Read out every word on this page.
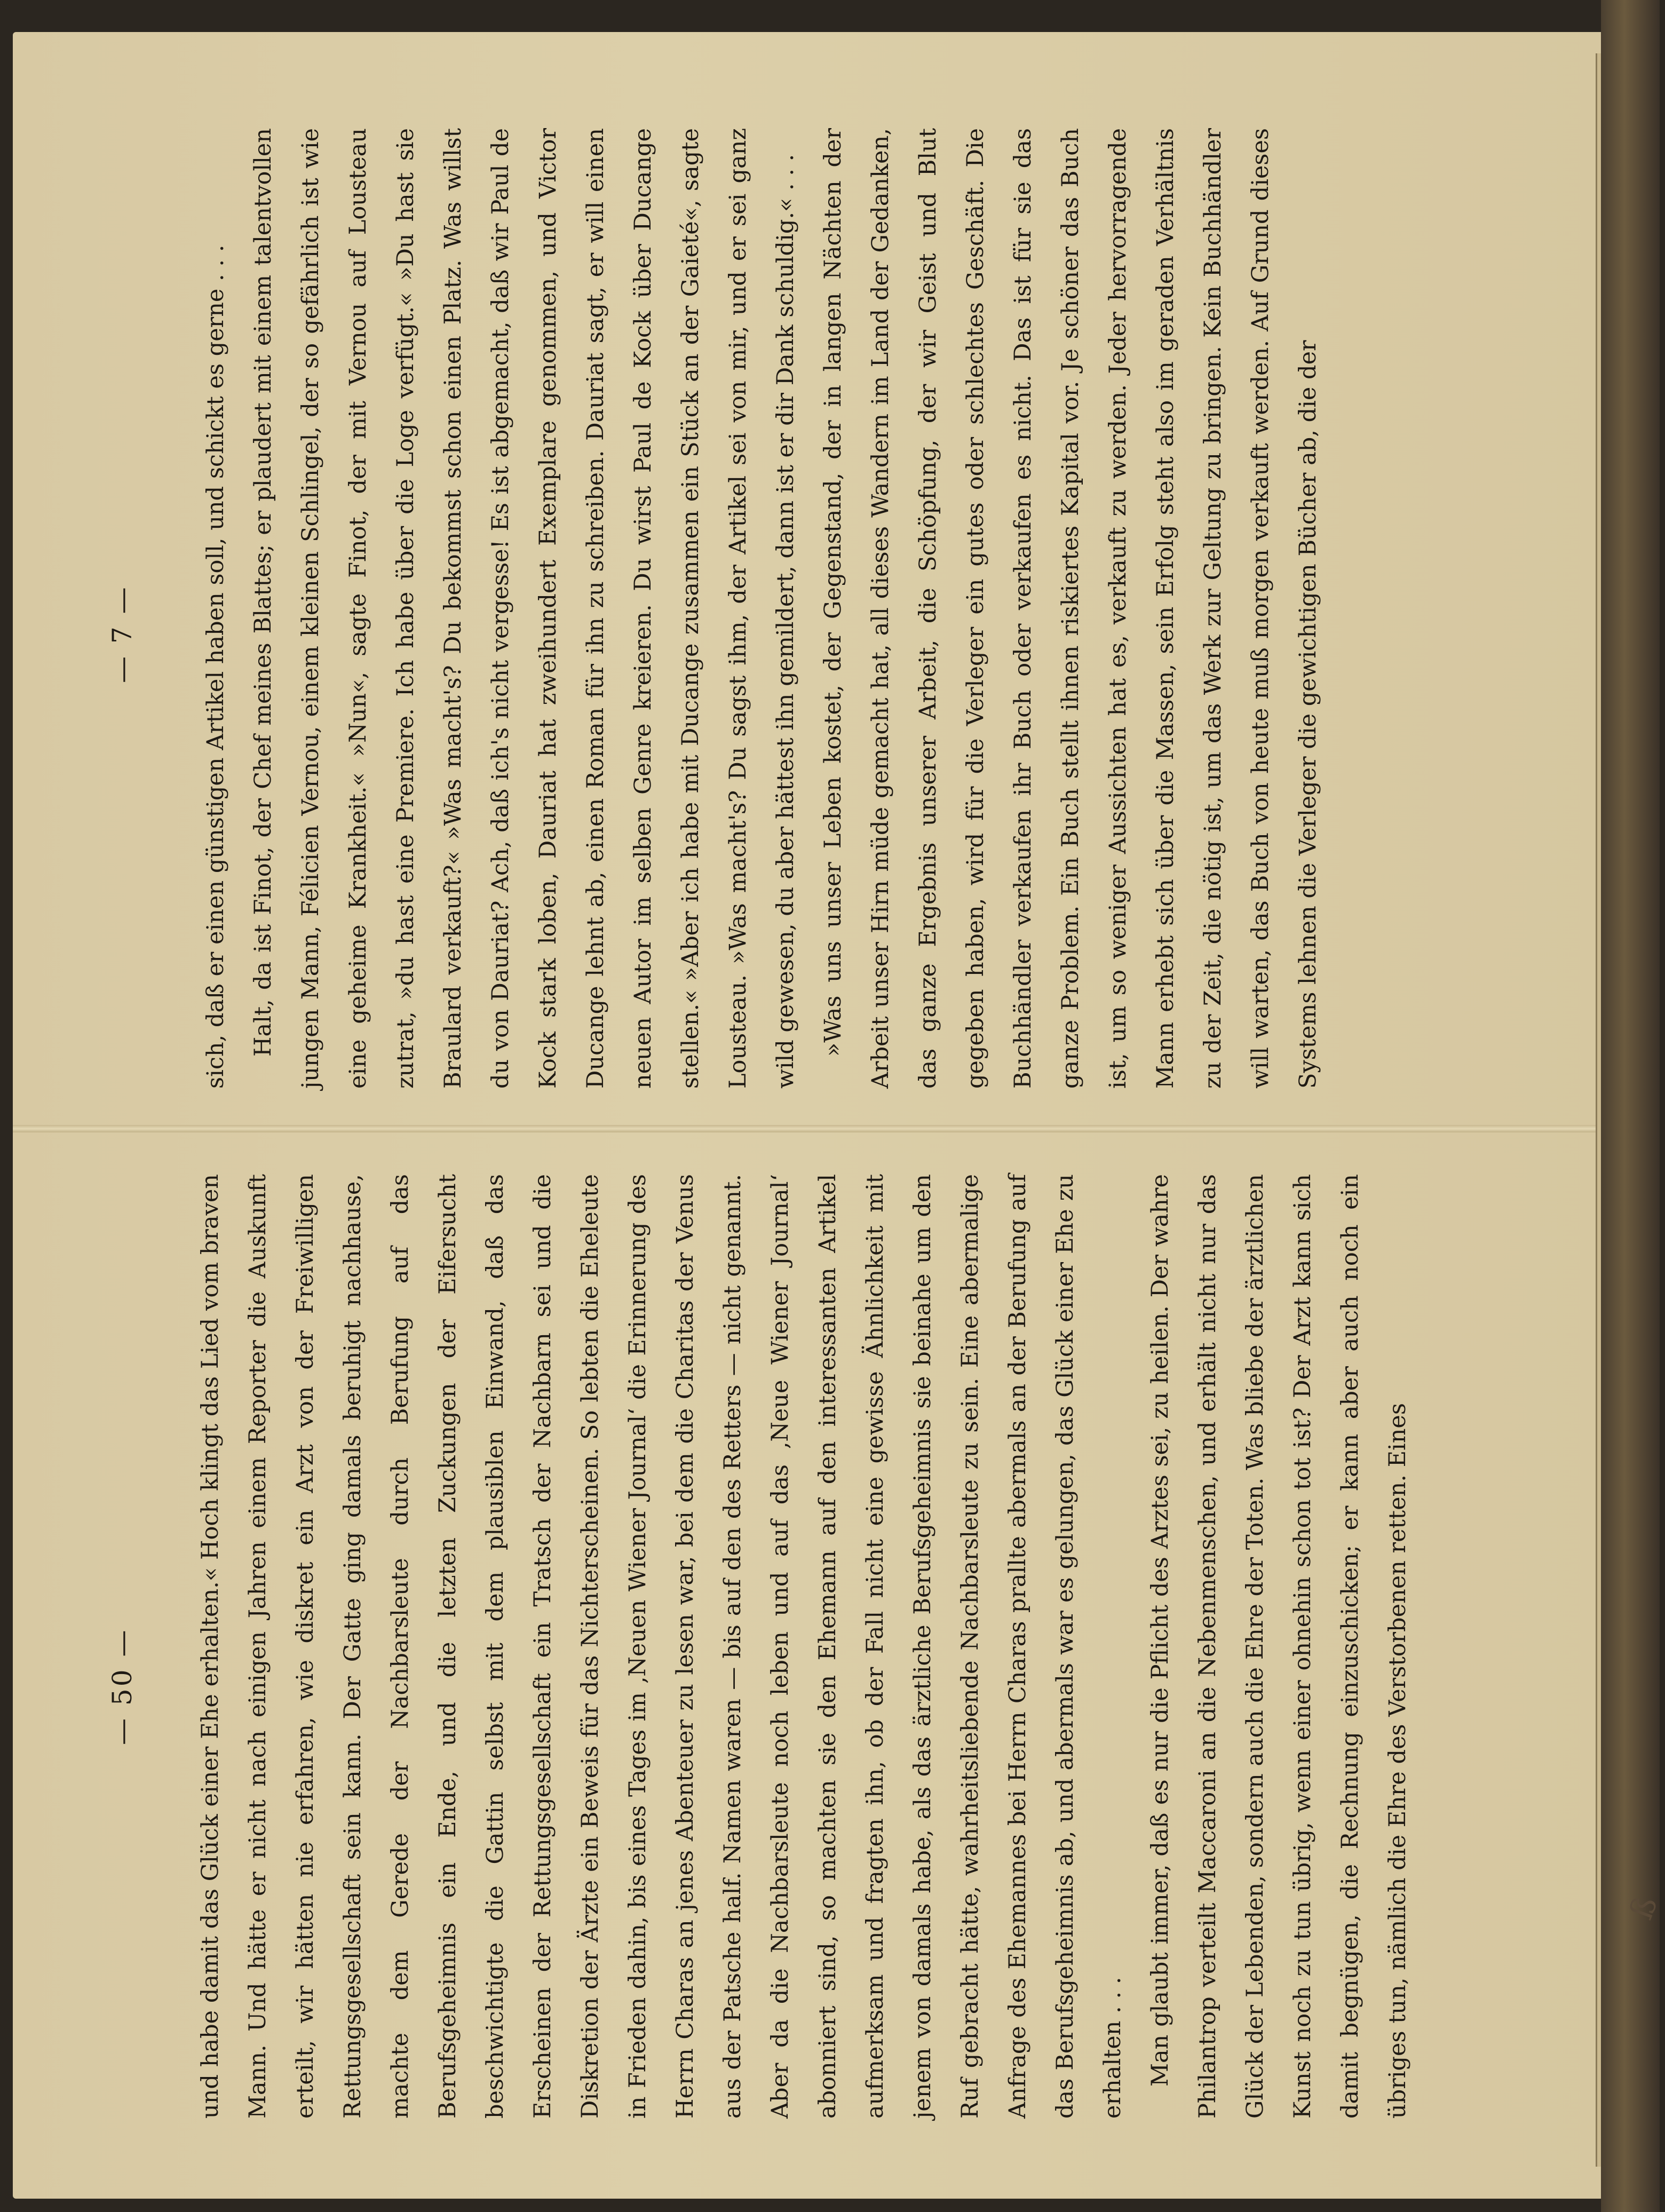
— 7 —	sich, daß er einen günstigen Artikel haben soll, und schickt es gerne . . . Halt, da ist Finot, der Chef meines Blattes; er plaudert mit einem talentvollen jungen Mann, Félicien Vernou, einem kleinen Schlingel, der so gefährlich ist wie eine geheime Krankheit.« »Nun«, sagte Finot, der mit Vernou auf Lousteau zutrat, »du hast eine Premiere. Ich habe über die Loge verfügt.« »Du hast sie Braulard verkauft?« »Was macht's? Du bekommst schon einen Platz. Was willst du von Dauriat? Ach, daß ich's nicht vergesse! Es ist abgemacht, daß wir Paul de Kock stark loben, Dauriat hat zweihundert Exemplare genommen, und Victor Ducange lehnt ab, einen Roman für ihn zu schreiben. Dauriat sagt, er will einen neuen Autor im selben Genre kreieren. Du wirst Paul de Kock über Ducange stellen.« »Aber ich habe mit Ducange zusammen ein Stück an der Gaieté«, sagte Lousteau. »Was macht's? Du sagst ihm, der Artikel sei von mir, und er sei ganz wild gewesen, du aber hättest ihn gemildert, dann ist er dir Dank schuldig.« . . . »Was uns unser Leben kostet, der Gegenstand, der in langen Nächten der Arbeit unser Hirn müde gemacht hat, all dieses Wandern im Land der Gedanken, das ganze Ergebnis unserer Arbeit, die Schöpfung, der wir Geist und Blut gegeben haben, wird für die Verleger ein gutes oder schlechtes Geschäft. Die Buchhändler verkaufen ihr Buch oder verkaufen es nicht. Das ist für sie das ganze Problem. Ein Buch stellt ihnen riskiertes Kapital vor. Je schöner das Buch ist, um so weniger Aussichten hat es, verkauft zu werden. Jeder hervorragende Mann erhebt sich über die Massen, sein Erfolg steht also im geraden Verhältnis zu der Zeit, die nötig ist, um das Werk zur Geltung zu bringen. Kein Buchhändler will warten, das Buch von heute muß morgen verkauft werden. Auf Grund dieses Systems lehnen die Verleger die gewichtigen Bücher ab, die der

— 50 —	und habe damit das Glück einer Ehe erhalten.« Hoch klingt das Lied vom braven Mann. Und hätte er nicht nach einigen Jahren einem Reporter die Auskunft erteilt, wir hätten nie erfahren, wie diskret ein Arzt von der Freiwilligen Rettungsgesellschaft sein kann. Der Gatte ging damals beruhigt nachhause, machte dem Gerede der Nachbarsleute durch Berufung auf das Berufsgeheimnis ein Ende, und die letzten Zuckungen der Eifersucht beschwichtigte die Gattin selbst mit dem plausiblen Einwand, daß das Erscheinen der Rettungsgesellschaft ein Tratsch der Nachbarn sei und die Diskretion der Ärzte ein Beweis für das Nichterscheinen. So lebten die Eheleute in Frieden dahin, bis eines Tages im ‚Neuen Wiener Journal‘ die Erinnerung des Herrn Charas an jenes Abenteuer zu lesen war, bei dem die Charitas der Venus aus der Patsche half. Namen waren — bis auf den des Retters — nicht genannt. Aber da die Nachbarsleute noch leben und auf das ‚Neue Wiener Journal‘ abonniert sind, so machten sie den Ehemann auf den interessanten Artikel aufmerksam und fragten ihn, ob der Fall nicht eine gewisse Ähnlichkeit mit jenem von damals habe, als das ärztliche Berufsgeheimnis sie beinahe um den Ruf gebracht hätte, wahrheitsliebende Nachbarsleute zu sein. Eine abermalige Anfrage des Ehemannes bei Herrn Charas prallte abermals an der Berufung auf das Berufsgeheimnis ab, und abermals war es gelungen, das Glück einer Ehe zu erhalten . . . Man glaubt immer, daß es nur die Pflicht des Arztes sei, zu heilen. Der wahre Philantrop verteilt Maccaroni an die Nebenmenschen, und erhält nicht nur das Glück der Lebenden, sondern auch die Ehre der Toten. Was bliebe der ärztlichen Kunst noch zu tun übrig, wenn einer ohnehin schon tot ist? Der Arzt kann sich damit begnügen, die Rechnung einzuschicken; er kann aber auch noch ein übriges tun, nämlich die Ehre des Verstorbenen retten. Eines	ß
